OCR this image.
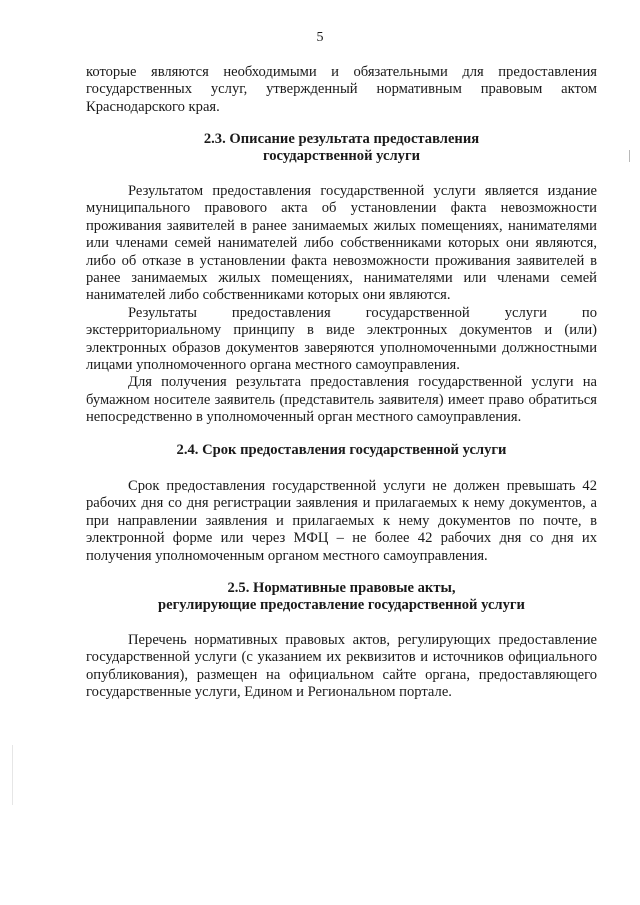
5

которые являются необходимыми и обязательными для предоставления государственных услуг, утвержденный нормативным правовым актом Краснодарского края.

2.3. Описание результата предоставления
государственной услуги

Результатом предоставления государственной услуги является издание муниципального правового акта об установлении факта невозможности проживания заявителей в ранее занимаемых жилых помещениях, нанимателями или членами семей нанимателей либо собственниками которых они являются, либо об отказе в установлении факта невозможности проживания заявителей в ранее занимаемых жилых помещениях, нанимателями или членами семей нанимателей либо собственниками которых они являются.

Результаты предоставления государственной услуги по экстерриториальному принципу в виде электронных документов и (или) электронных образов документов заверяются уполномоченными должностными лицами уполномоченного органа местного самоуправления.

Для получения результата предоставления государственной услуги на бумажном носителе заявитель (представитель заявителя) имеет право обратиться непосредственно в уполномоченный орган местного самоуправления.

2.4. Срок предоставления государственной услуги

Срок предоставления государственной услуги не должен превышать 42 рабочих дня со дня регистрации заявления и прилагаемых к нему документов, а при направлении заявления и прилагаемых к нему документов по почте, в электронной форме или через МФЦ – не более 42 рабочих дня со дня их получения уполномоченным органом местного самоуправления.

2.5. Нормативные правовые акты,
регулирующие предоставление государственной услуги

Перечень нормативных правовых актов, регулирующих предоставление государственной услуги (с указанием их реквизитов и источников официального опубликования), размещен на официальном сайте органа, предоставляющего государственные услуги, Едином и Региональном портале.
